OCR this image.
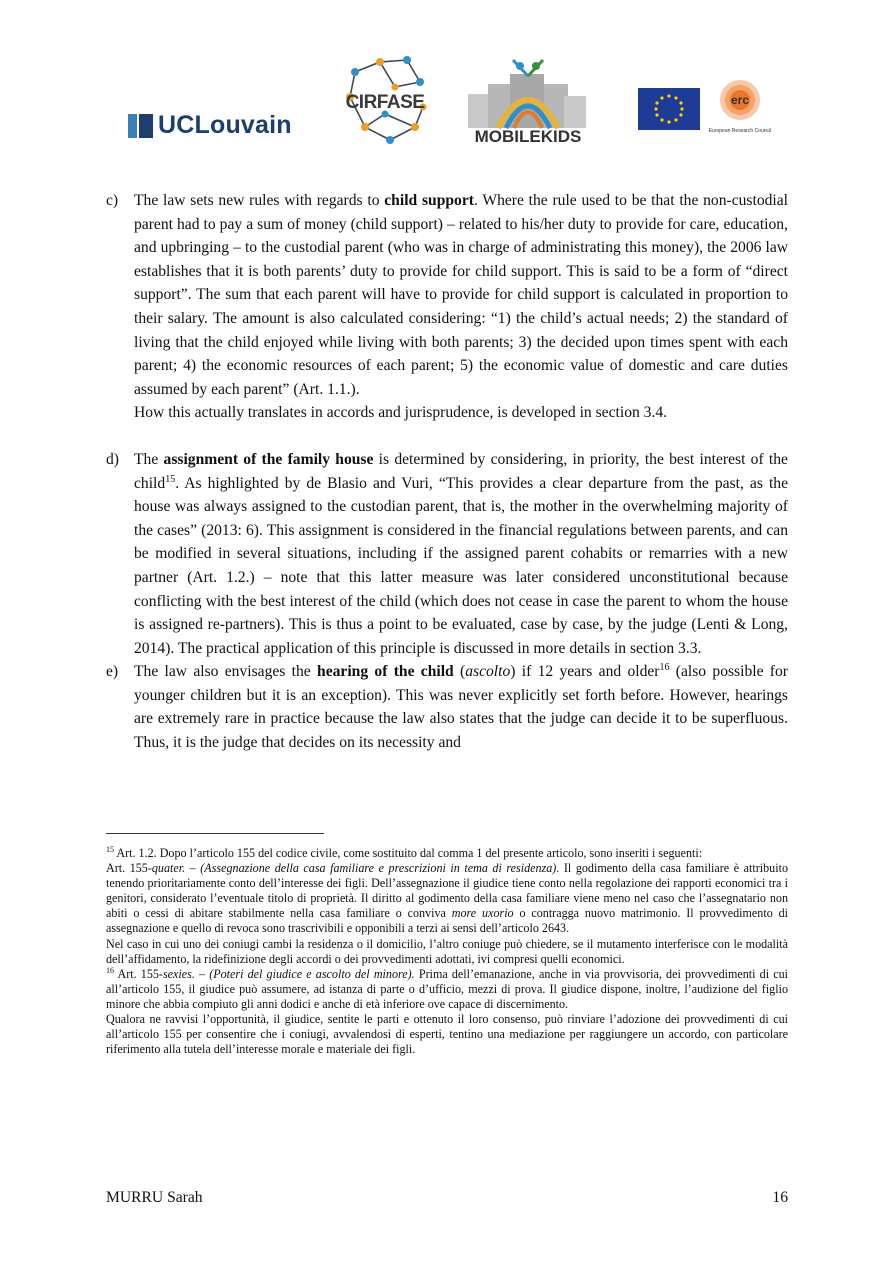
UCLouvain
CIRFASE
MOBILEKIDS
erc
European Research Council
c) The law sets new rules with regards to child support. Where the rule used to be that the non-custodial parent had to pay a sum of money (child support) – related to his/her duty to provide for care, education, and upbringing – to the custodial parent (who was in charge of administrating this money), the 2006 law establishes that it is both parents’ duty to provide for child support. This is said to be a form of “direct support”. The sum that each parent will have to provide for child support is calculated in proportion to their salary. The amount is also calculated considering: “1) the child’s actual needs; 2) the standard of living that the child enjoyed while living with both parents; 3) the decided upon times spent with each parent; 4) the economic resources of each parent; 5) the economic value of domestic and care duties assumed by each parent” (Art. 1.1.).

How this actually translates in accords and jurisprudence, is developed in section 3.4.

d) The assignment of the family house is determined by considering, in priority, the best interest of the child$^{15}$. As highlighted by de Blasio and Vuri, “This provides a clear departure from the past, as the house was always assigned to the custodian parent, that is, the mother in the overwhelming majority of the cases” (2013: 6). This assignment is considered in the financial regulations between parents, and can be modified in several situations, including if the assigned parent cohabits or remarries with a new partner (Art. 1.2.) – note that this latter measure was later considered unconstitutional because conflicting with the best interest of the child (which does not cease in case the parent to whom the house is assigned re-partners). This is thus a point to be evaluated, case by case, by the judge (Lenti & Long, 2014). The practical application of this principle is discussed in more details in section 3.3.

e) The law also envisages the hearing of the child (ascolto) if 12 years and older$^{16}$ (also possible for younger children but it is an exception). This was never explicitly set forth before. However, hearings are extremely rare in practice because the law also states that the judge can decide it to be superfluous. Thus, it is the judge that decides on its necessity and

$^{15}$ Art. 1.2. Dopo l’articolo 155 del codice civile, come sostituito dal comma 1 del presente articolo, sono inseriti i seguenti:

Art. 155-quater. – (Assegnazione della casa familiare e prescrizioni in tema di residenza). Il godimento della casa familiare è attribuito tenendo prioritariamente conto dell’interesse dei figli. Dell’assegnazione il giudice tiene conto nella regolazione dei rapporti economici tra i genitori, considerato l’eventuale titolo di proprietà. Il diritto al godimento della casa familiare viene meno nel caso che l’assegnatario non abiti o cessi di abitare stabilmente nella casa familiare o conviva more uxorio o contragga nuovo matrimonio. Il provvedimento di assegnazione e quello di revoca sono trascrivibili e opponibili a terzi ai sensi dell’articolo 2643.

Nel caso in cui uno dei coniugi cambi la residenza o il domicilio, l’altro coniuge può chiedere, se il mutamento interferisce con le modalità dell’affidamento, la ridefinizione degli accordi o dei provvedimenti adottati, ivi compresi quelli economici.

$^{16}$ Art. 155-sexies. – (Poteri del giudice e ascolto del minore). Prima dell’emanazione, anche in via provvisoria, dei provvedimenti di cui all’articolo 155, il giudice può assumere, ad istanza di parte o d’ufficio, mezzi di prova. Il giudice dispone, inoltre, l’audizione del figlio minore che abbia compiuto gli anni dodici e anche di età inferiore ove capace di discernimento.

Qualora ne ravvisi l’opportunità, il giudice, sentite le parti e ottenuto il loro consenso, può rinviare l’adozione dei provvedimenti di cui all’articolo 155 per consentire che i coniugi, avvalendosi di esperti, tentino una mediazione per raggiungere un accordo, con particolare riferimento alla tutela dell’interesse morale e materiale dei figli.

MURRU Sarah	16
